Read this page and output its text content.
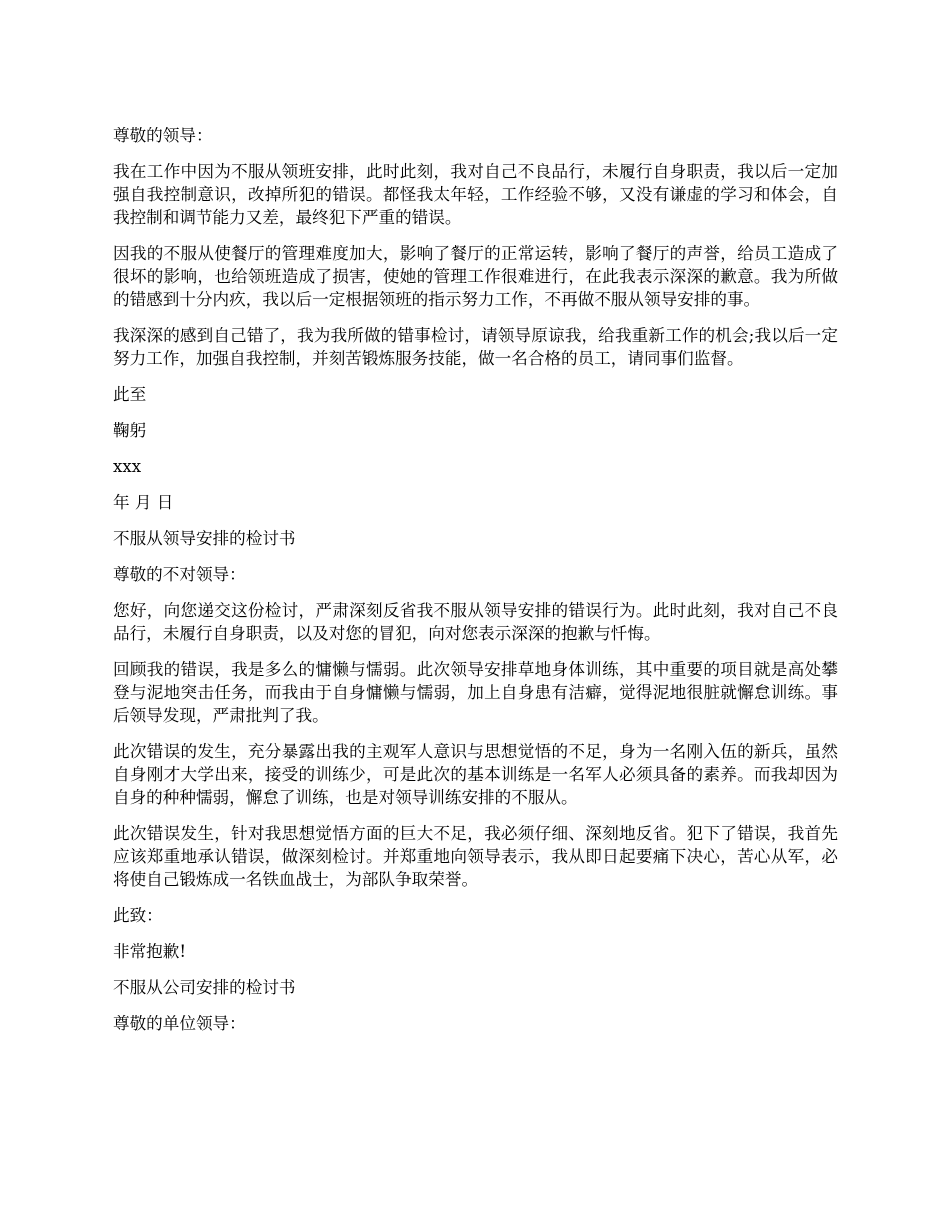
尊敬的领导：

我在工作中因为不服从领班安排，此时此刻，我对自己不良品行，未履行自身职责，我以后一定加强自我控制意识，改掉所犯的错误。都怪我太年轻，工作经验不够，又没有谦虚的学习和体会，自我控制和调节能力又差，最终犯下严重的错误。

因我的不服从使餐厅的管理难度加大，影响了餐厅的正常运转，影响了餐厅的声誉，给员工造成了很坏的影响，也给领班造成了损害，使她的管理工作很难进行，在此我表示深深的歉意。我为所做的错感到十分内疚，我以后一定根据领班的指示努力工作，不再做不服从领导安排的事。

我深深的感到自己错了，我为我所做的错事检讨，请领导原谅我，给我重新工作的机会;我以后一定努力工作，加强自我控制，并刻苦锻炼服务技能，做一名合格的员工，请同事们监督。

此至

鞠躬

xxx

年 月 日

不服从领导安排的检讨书

尊敬的不对领导：

您好，向您递交这份检讨，严肃深刻反省我不服从领导安排的错误行为。此时此刻，我对自己不良品行，未履行自身职责，以及对您的冒犯，向对您表示深深的抱歉与忏悔。

回顾我的错误，我是多么的慵懒与懦弱。此次领导安排草地身体训练，其中重要的项目就是高处攀登与泥地突击任务，而我由于自身慵懒与懦弱，加上自身患有洁癖，觉得泥地很脏就懈怠训练。事后领导发现，严肃批判了我。

此次错误的发生，充分暴露出我的主观军人意识与思想觉悟的不足，身为一名刚入伍的新兵，虽然自身刚才大学出来，接受的训练少，可是此次的基本训练是一名军人必须具备的素养。而我却因为自身的种种懦弱，懈怠了训练，也是对领导训练安排的不服从。

此次错误发生，针对我思想觉悟方面的巨大不足，我必须仔细、深刻地反省。犯下了错误，我首先应该郑重地承认错误，做深刻检讨。并郑重地向领导表示，我从即日起要痛下决心，苦心从军，必将使自己锻炼成一名铁血战士，为部队争取荣誉。

此致：

非常抱歉!

不服从公司安排的检讨书

尊敬的单位领导：
